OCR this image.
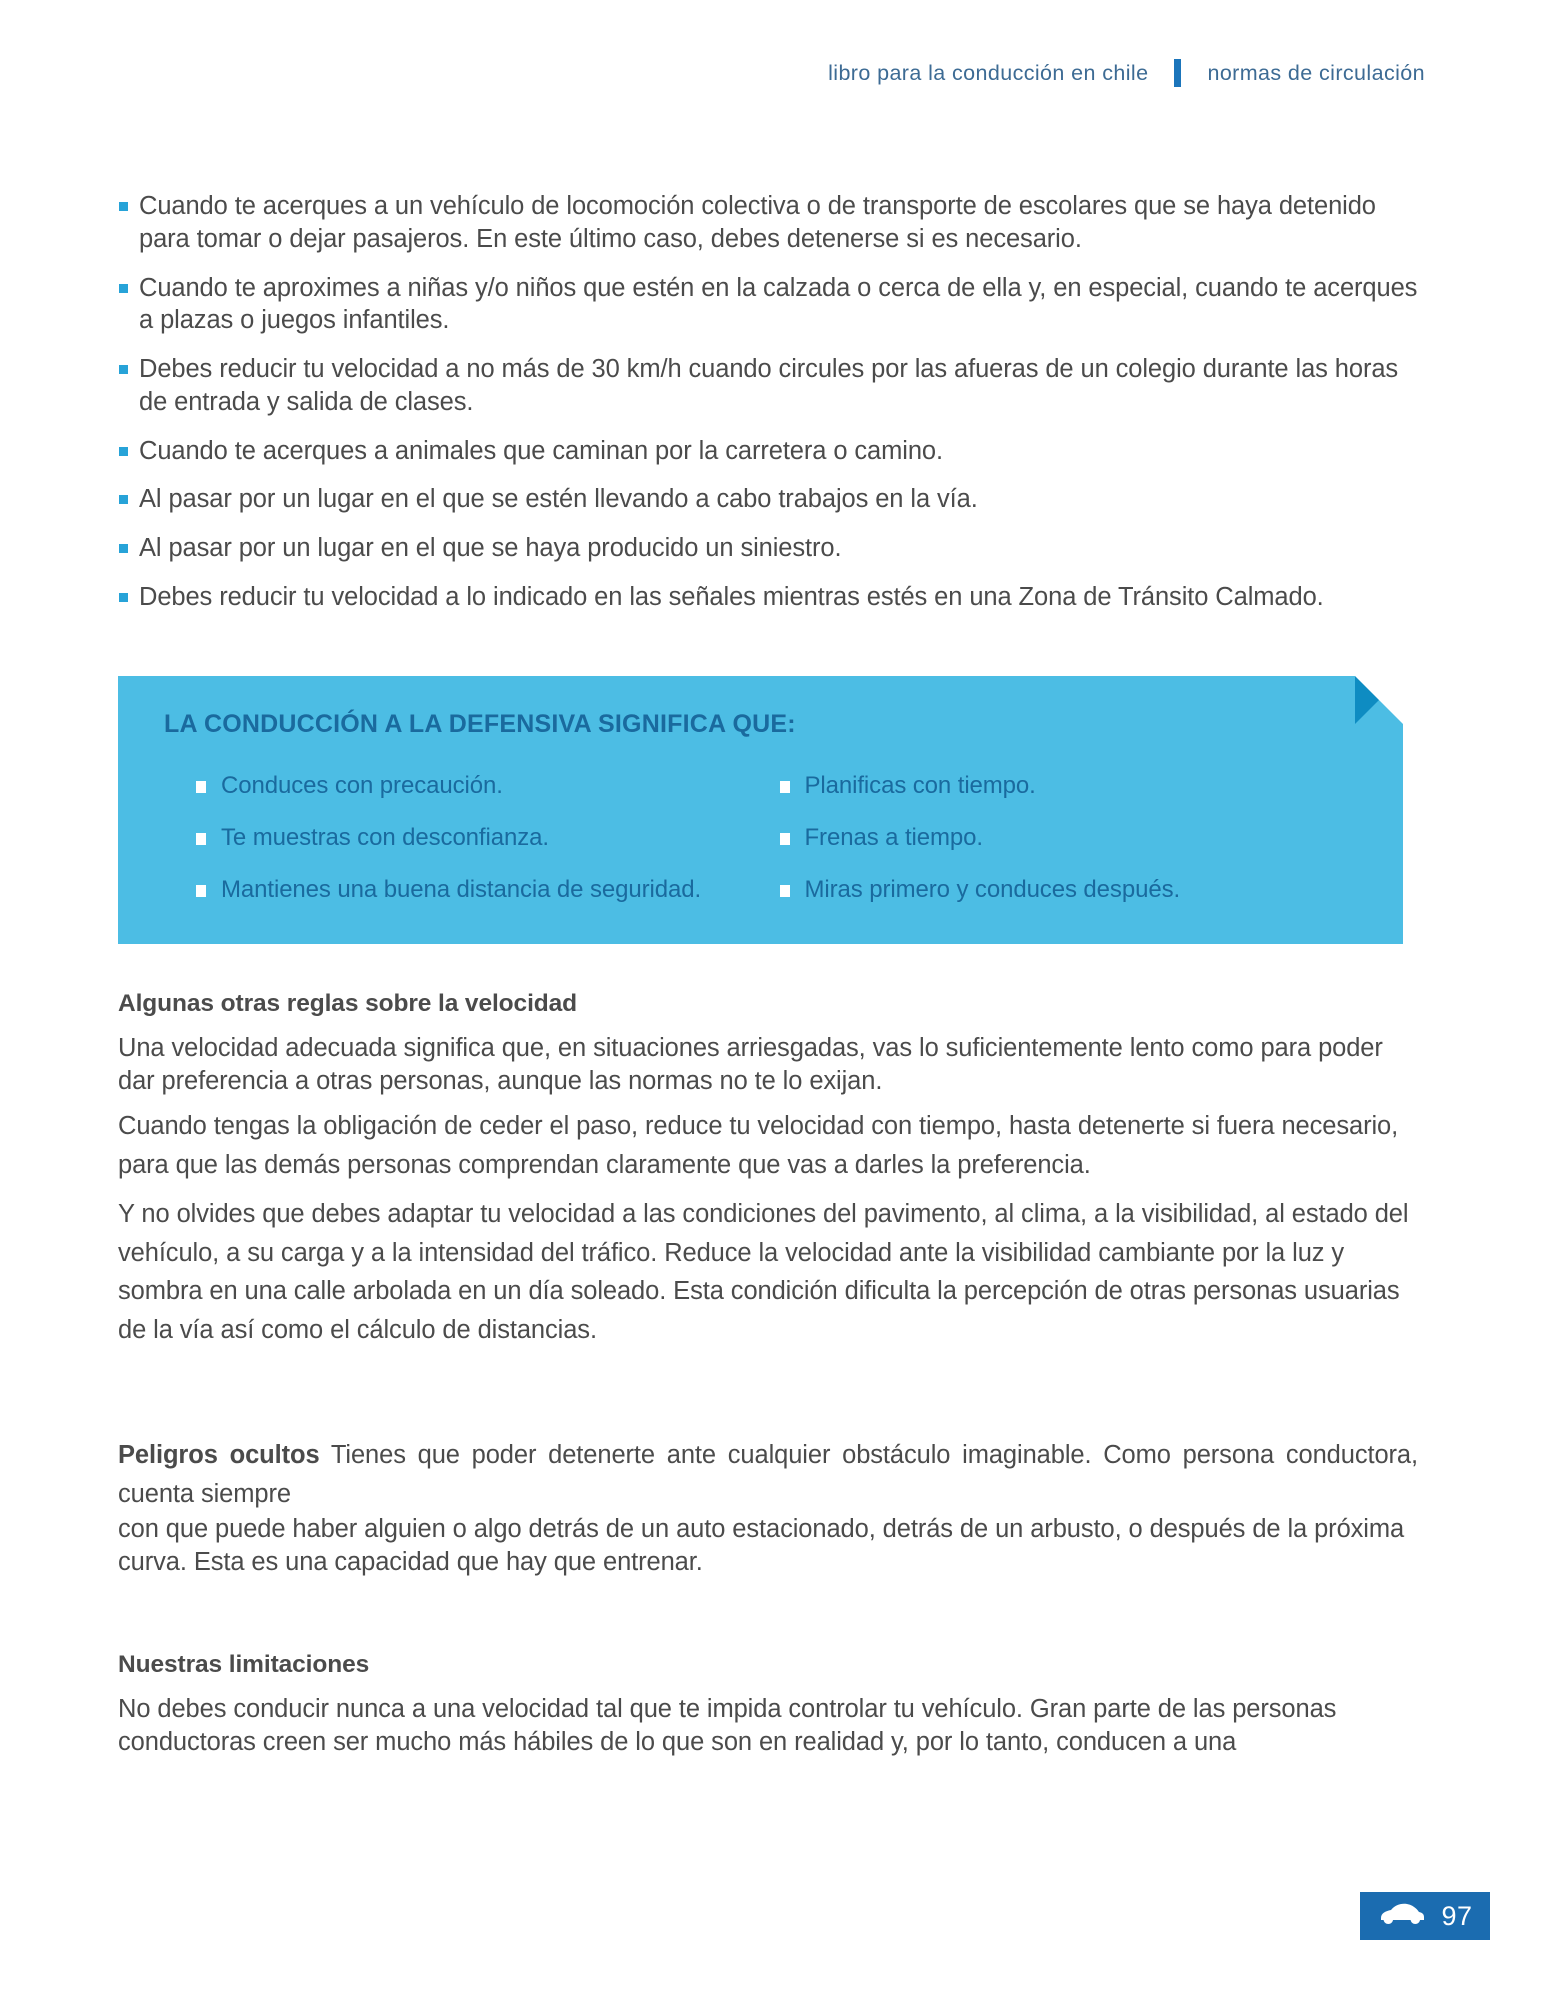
libro para la conducción en chile	normas de circulación
Cuando te acerques a un vehículo de locomoción colectiva o de transporte de escolares que se haya detenido para tomar o dejar pasajeros. En este último caso, debes detenerse si es necesario.
Cuando te aproximes a niñas y/o niños que estén en la calzada o cerca de ella y, en especial, cuando te acerques a plazas o juegos infantiles.
Debes reducir tu velocidad a no más de 30 km/h cuando circules por las afueras de un colegio durante las horas de entrada y salida de clases.
Cuando te acerques a animales que caminan por la carretera o camino.
Al pasar por un lugar en el que se estén llevando a cabo trabajos en la vía.
Al pasar por un lugar en el que se haya producido un siniestro.
Debes reducir tu velocidad a lo indicado en las señales mientras estés en una Zona de Tránsito Calmado.
LA CONDUCCIÓN A LA DEFENSIVA SIGNIFICA QUE:
Conduces con precaución.	Planificas con tiempo.
Te muestras con desconfianza.	Frenas a tiempo.
Mantienes una buena distancia de seguridad.	Miras primero y conduces después.
Algunas otras reglas sobre la velocidad

Una velocidad adecuada significa que, en situaciones arriesgadas, vas lo suficientemente lento como para poder dar preferencia a otras personas, aunque las normas no te lo exijan.

Cuando tengas la obligación de ceder el paso, reduce tu velocidad con tiempo, hasta detenerte si fuera necesario, para que las demás personas comprendan claramente que vas a darles la preferencia.

Y no olvides que debes adaptar tu velocidad a las condiciones del pavimento, al clima, a la visibilidad, al estado del vehículo, a su carga y a la intensidad del tráfico. Reduce la velocidad ante la visibilidad cambiante por la luz y sombra en una calle arbolada en un día soleado. Esta condición dificulta la percepción de otras personas usuarias de la vía así como el cálculo de distancias.

Peligros ocultos Tienes que poder detenerte ante cualquier obstáculo imaginable. Como persona conductora, cuenta siempre

con que puede haber alguien o algo detrás de un auto estacionado, detrás de un arbusto, o después de la próxima curva. Esta es una capacidad que hay que entrenar.

Nuestras limitaciones

No debes conducir nunca a una velocidad tal que te impida controlar tu vehículo. Gran parte de las personas conductoras creen ser mucho más hábiles de lo que son en realidad y, por lo tanto, conducen a una

97
